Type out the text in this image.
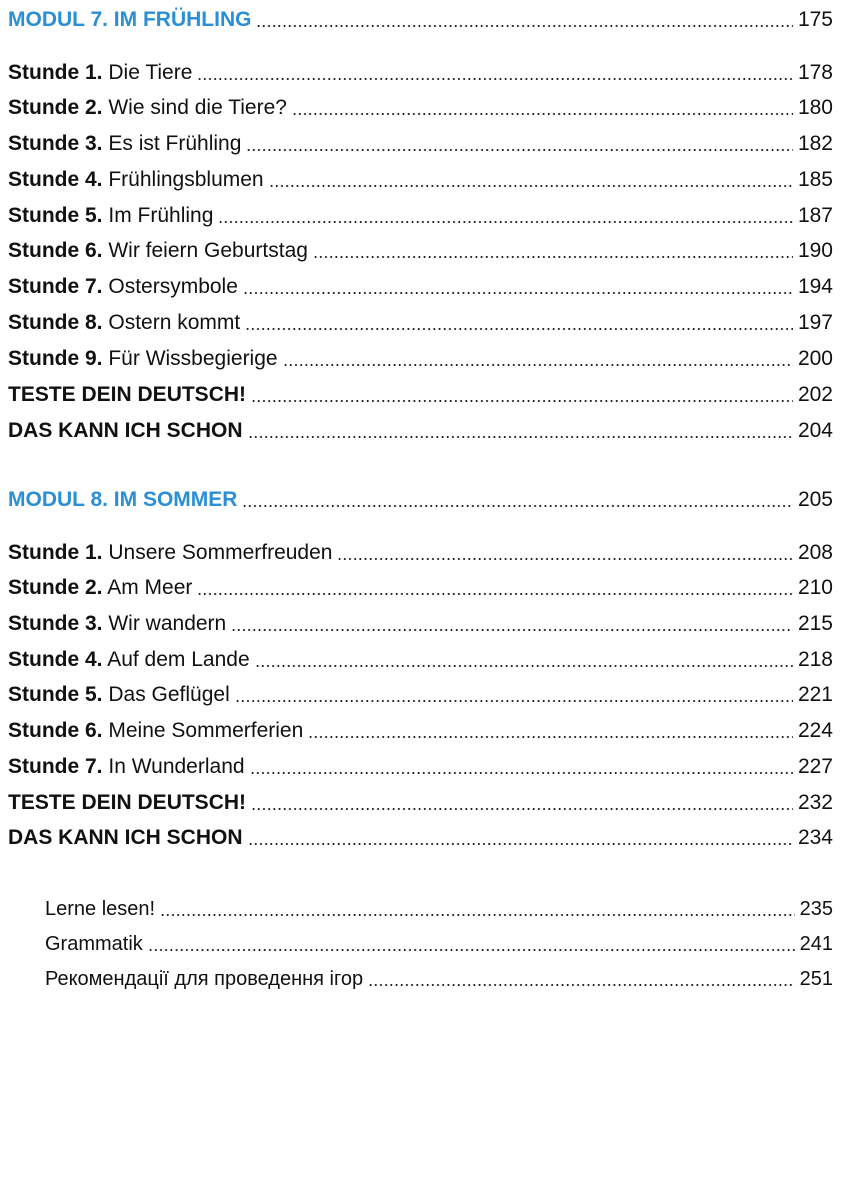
MODUL 7. IM FRÜHLING	175
Stunde 1. Die Tiere	178
Stunde 2. Wie sind die Tiere?	180
Stunde 3. Es ist Frühling	182
Stunde 4. Frühlingsblumen	185
Stunde 5. Im Frühling	187
Stunde 6. Wir feiern Geburtstag	190
Stunde 7. Ostersymbole	194
Stunde 8. Ostern kommt	197
Stunde 9. Für Wissbegierige	200
TESTE DEIN DEUTSCH!	202
DAS KANN ICH SCHON	204
MODUL 8. IM SOMMER	205
Stunde 1. Unsere Sommerfreuden	208
Stunde 2. Am Meer	210
Stunde 3. Wir wandern	215
Stunde 4. Auf dem Lande	218
Stunde 5. Das Geflügel	221
Stunde 6. Meine Sommerferien	224
Stunde 7. In Wunderland	227
TESTE DEIN DEUTSCH!	232
DAS KANN ICH SCHON	234
Lerne lesen!	235
Grammatik	241
Рекомендації для проведення ігор	251
